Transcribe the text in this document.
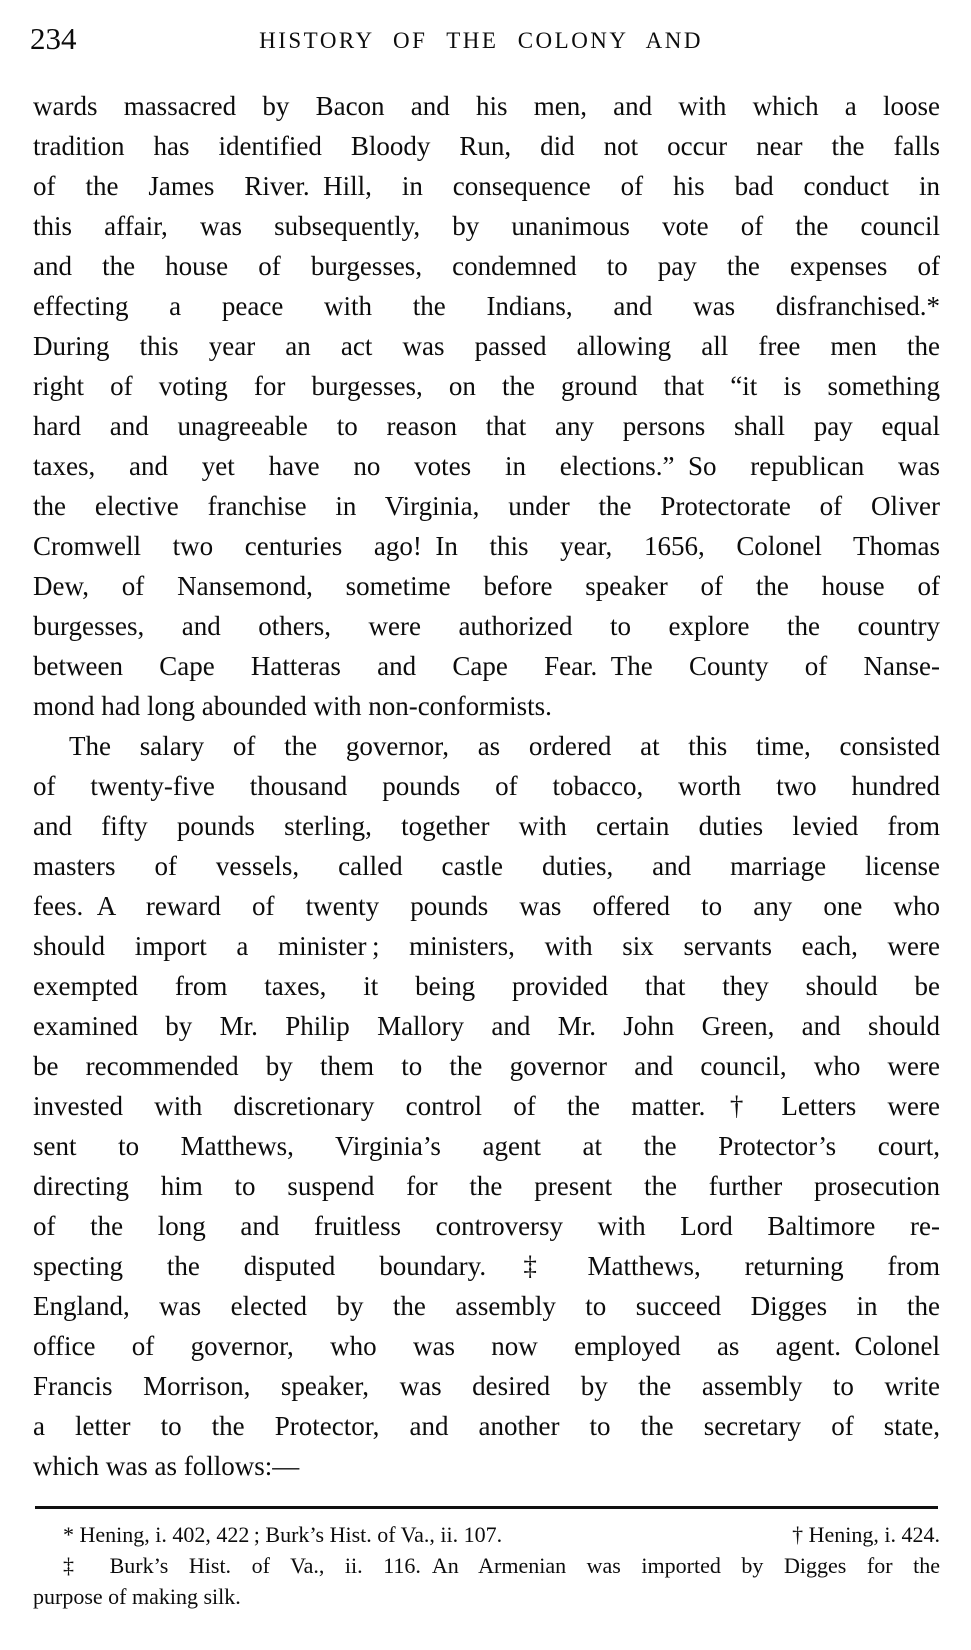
234	HISTORY OF THE COLONY AND
wards massacred by Bacon and his men, and with which a loose
tradition has identified Bloody Run, did not occur near the falls
of the James River. Hill, in consequence of his bad conduct in
this affair, was subsequently, by unanimous vote of the council
and the house of burgesses, condemned to pay the expenses of
effecting a peace with the Indians, and was disfranchised.*
During this year an act was passed allowing all free men the
right of voting for burgesses, on the ground that “it is something
hard and unagreeable to reason that any persons shall pay equal
taxes, and yet have no votes in elections.” So republican was
the elective franchise in Virginia, under the Protectorate of Oliver
Cromwell two centuries ago! In this year, 1656, Colonel Thomas
Dew, of Nansemond, sometime before speaker of the house of
burgesses, and others, were authorized to explore the country
between Cape Hatteras and Cape Fear. The County of Nanse-
mond had long abounded with non-conformists.
The salary of the governor, as ordered at this time, consisted
of twenty-five thousand pounds of tobacco, worth two hundred
and fifty pounds sterling, together with certain duties levied from
masters of vessels, called castle duties, and marriage license
fees. A reward of twenty pounds was offered to any one who
should import a minister ; ministers, with six servants each, were
exempted from taxes, it being provided that they should be
examined by Mr. Philip Mallory and Mr. John Green, and should
be recommended by them to the governor and council, who were
invested with discretionary control of the matter.† Letters were
sent to Matthews, Virginia’s agent at the Protector’s court,
directing him to suspend for the present the further prosecution
of the long and fruitless controversy with Lord Baltimore re-
specting the disputed boundary.‡ Matthews, returning from
England, was elected by the assembly to succeed Digges in the
office of governor, who was now employed as agent. Colonel
Francis Morrison, speaker, was desired by the assembly to write
a letter to the Protector, and another to the secretary of state,
which was as follows:—
* Hening, i. 402, 422 ; Burk’s Hist. of Va., ii. 107.	† Hening, i. 424.
‡ Burk’s Hist. of Va., ii. 116. An Armenian was imported by Digges for the
purpose of making silk.
